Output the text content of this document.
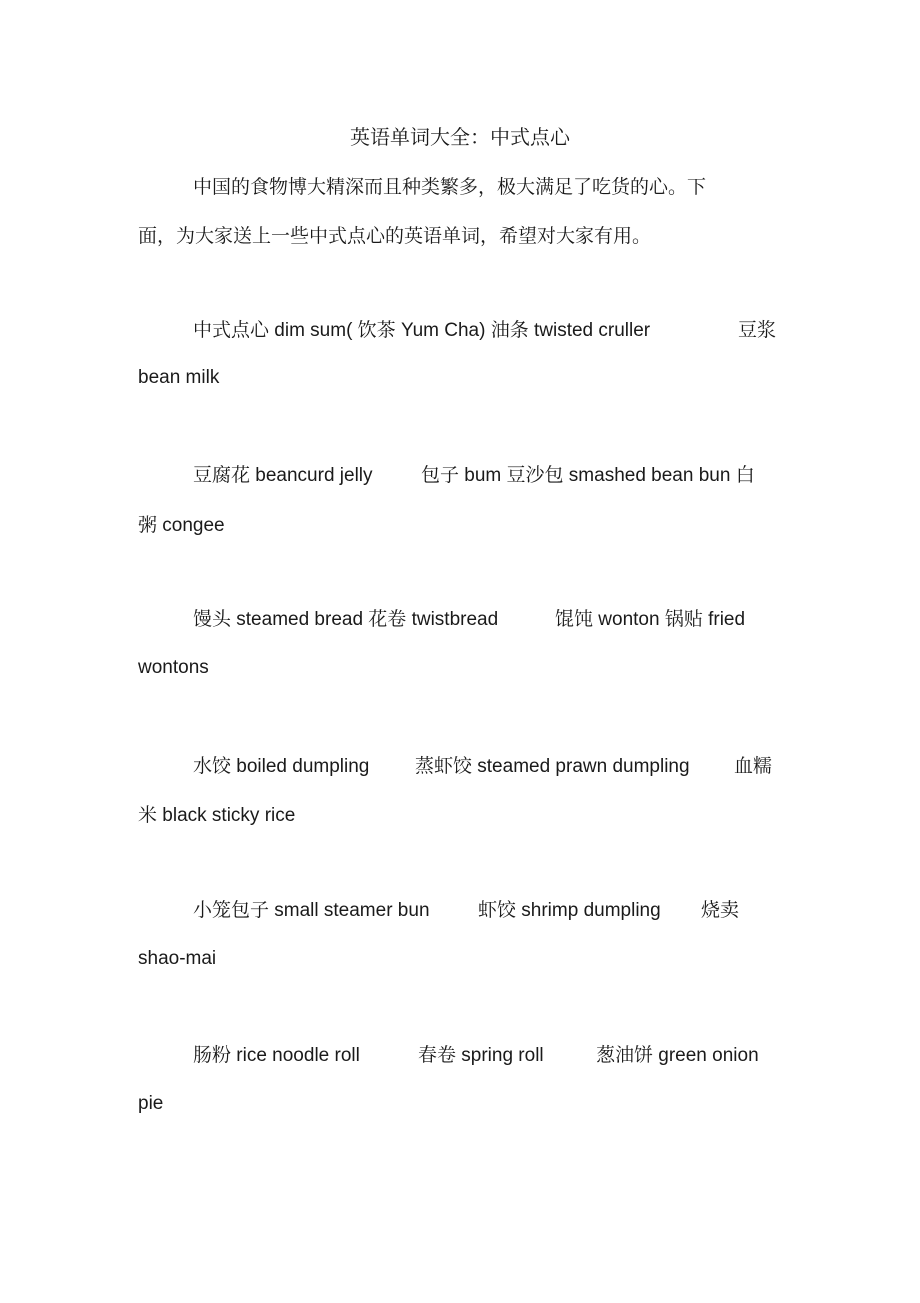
英语单词大全：中式点心
中国的食物博大精深而且种类繁多，极大满足了吃货的心。下
面，为大家送上一些中式点心的英语单词，希望对大家有用。
中式点心 dim sum( 饮茶 Yum Cha) 油条 twisted cruller	豆浆
bean milk
豆腐花 beancurd jelly	包子 bum 豆沙包 smashed bean bun 白
粥 congee
馒头 steamed bread 花卷 twistbread	馄饨 wonton 锅贴 fried
wontons
水饺 boiled dumpling 蒸虾饺 steamed prawn dumpling 血糯
米 black sticky rice
小笼包子 small steamer bun	虾饺 shrimp dumpling 烧卖
shao-mai
肠粉 rice noodle roll	春卷 spring roll	葱油饼 green onion
pie
